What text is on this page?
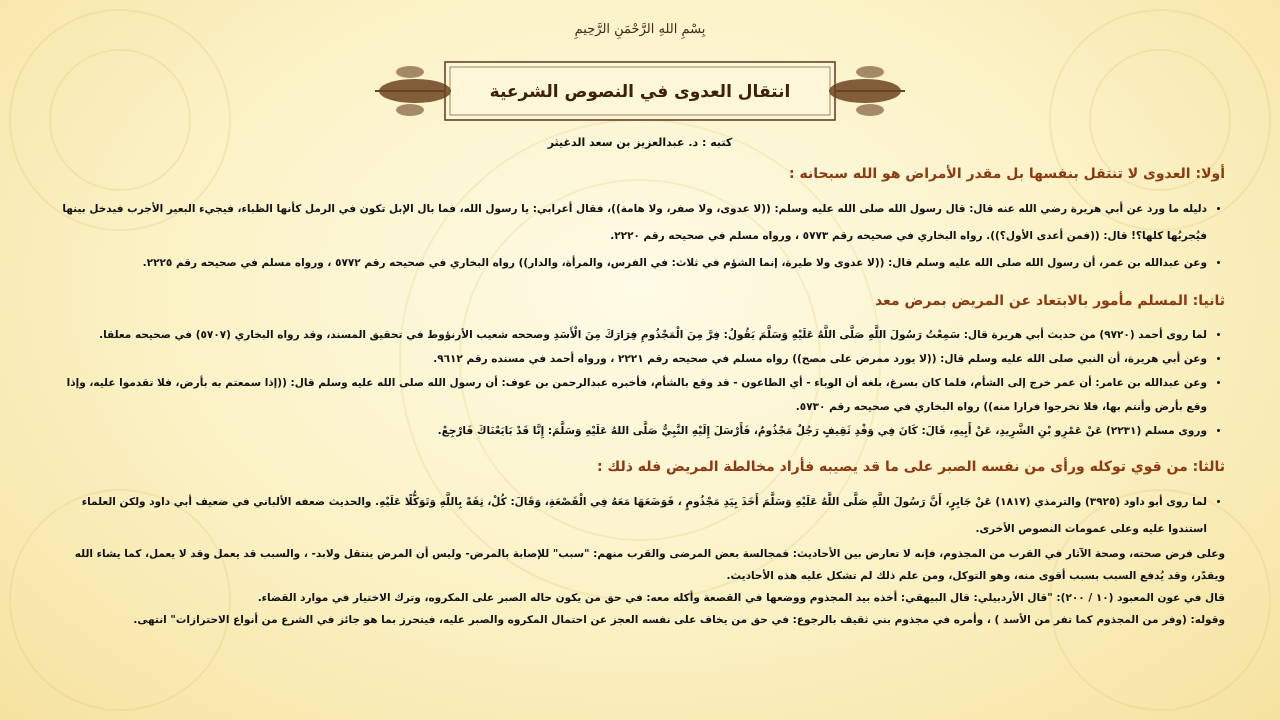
بِسْمِ اللهِ الرَّحْمَنِ الرَّحِيمِ
انتقال العدوى في النصوص الشرعية
كتبه : د. عبدالعزيز بن سعد الدغيثر
أولا: العدوى لا تنتقل بنفسها بل مقدر الأمراض هو الله سبحانه :
• دليله ما ورد عن أبي هريرة رضي الله عنه قال: قال رسول الله صلى الله عليه وسلم: ((لا عدوى، ولا صفر، ولا هامة))، فقال أعرابي: يا رسول الله، فما بال الإبل تكون في الرمل كأنها الظباء، فيجيء البعير الأجرب فيدخل بينها فيُجربُها كلها؟! قال: ((فمن أعدى الأول؟)). رواه البخاري في صحيحه رقم ٥٧٧٣ ، ورواه مسلم في صحيحه رقم ٢٢٢٠.
• وعن عبدالله بن عمر، أن رسول الله صلى الله عليه وسلم قال: ((لا عدوى ولا طيرة، إنما الشؤم في ثلاث: في الفرس، والمرأة، والدار)) رواه البخاري في صحيحه رقم ٥٧٧٢ ، ورواه مسلم في صحيحه رقم ٢٢٢٥.
ثانيا: المسلم مأمور بالابتعاد عن المريض بمرض معد
• لما روى أحمد (٩٧٢٠) من حديث أبي هريرة قال: سَمِعْتُ رَسُولَ اللَّهِ صَلَّى اللَّهُ عَلَيْهِ وَسَلَّمَ يَقُولُ: فِرَّ مِنَ الْمَجْذُومِ فِرَارَكَ مِنَ الْأَسَدِ وصححه شعيب الأرنؤوط في تحقيق المسند، وقد رواه البخاري (٥٧٠٧) في صحيحه معلقا.
• وعن أبي هريرة، أن النبي صلى الله عليه وسلم قال: ((لا يورد ممرض على مصح)) رواه مسلم في صحيحه رقم ٢٢٢١ ، ورواه أحمد في مسنده رقم ٩٦١٢.
• وعن عبدالله بن عامر: أن عمر خرج إلى الشأم، فلما كان بسرغ، بلغه أن الوباء - أي الطاعون - قد وقع بالشأم، فأخبره عبدالرحمن بن عوف: أن رسول الله صلى الله عليه وسلم قال: ((إذا سمعتم به بأرض، فلا تقدموا عليه، وإذا وقع بأرض وأنتم بها، فلا تخرجوا فرارا منه)) رواه البخاري في صحيحه رقم ٥٧٣٠.
• وروى مسلم (٢٢٣١) عَنْ عَمْرِو بْنِ الشَّرِيدِ، عَنْ أَبِيهِ، قَالَ: كَانَ فِي وَفْدِ ثَقِيفٍ رَجُلٌ مَجْذُومٌ، فَأَرْسَلَ إِلَيْهِ النَّبِيُّ صَلَّى اللهُ عَلَيْهِ وَسَلَّمَ: إِنَّا قَدْ بَايَعْنَاكَ فَارْجِعْ.
ثالثا: من قوي توكله ورأى من نفسه الصبر على ما قد يصيبه فأراد مخالطة المريض فله ذلك :
• لما روى أبو داود (٣٩٢٥) والترمذي (١٨١٧) عَنْ جَابِرٍ، أَنَّ رَسُولَ اللَّهِ صَلَّى اللَّهُ عَلَيْهِ وَسَلَّمَ أَخَذَ بِيَدِ مَجْذُومٍ ، فَوَضَعَهَا مَعَهُ فِي الْقَصْعَةِ، وَقَالَ: كُلْ، ثِقَةً بِاللَّهِ وَتَوَكُّلًا عَلَيْهِ. والحديث ضعفه الألباني في ضعيف أبي داود ولكن العلماء استندوا عليه وعلى عمومات النصوص الأخرى.

وعلى فرض صحته، وصحة الآثار في القرب من المجذوم، فإنه لا تعارض بين الأحاديث: فمجالسة بعض المرضى والقرب منهم: "سبب" للإصابة بالمرض- وليس أن المرض ينتقل ولابد- ، والسبب قد يعمل وقد لا يعمل، كما يشاء الله ويقدّر، وقد يُدفع السبب بسبب أقوى منه، وهو التوكل، ومن علم ذلك لم تشكل عليه هذه الأحاديث.

قال في عون المعبود (١٠ / ٢٠٠): "قال الأردبيلي: قال البيهقي: أخذه بيد المجذوم ووضعها في القصعة وأكله معه: في حق من يكون حاله الصبر على المكروه، وترك الاختيار في موارد القضاء.

وقوله: (وفر من المجذوم كما تفر من الأسد ) ، وأمره في مجذوم بني ثقيف بالرجوع: في حق من يخاف على نفسه العجز عن احتمال المكروه والصبر عليه، فيتحرز بما هو جائز في الشرع من أنواع الاحترازات" انتهى.
